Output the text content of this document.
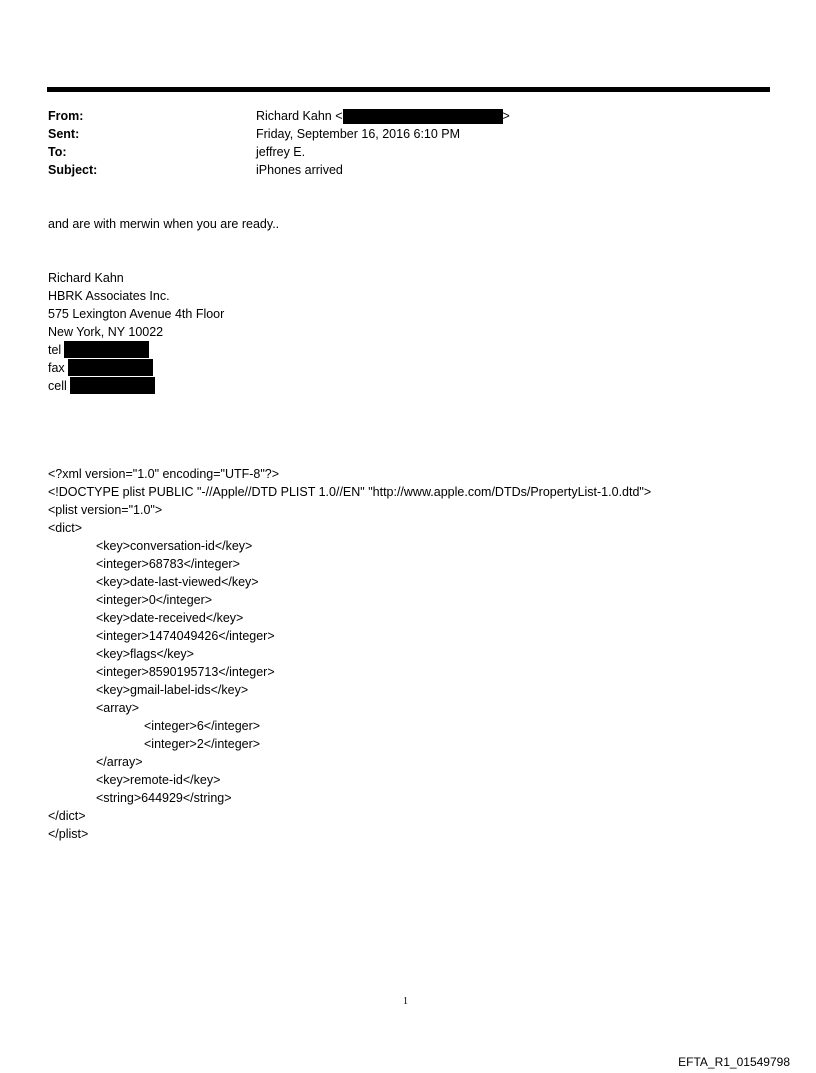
From:	Richard Kahn <	>
Sent:	Friday, September 16, 2016 6:10 PM
To:	jeffrey E.
Subject:	iPhones arrived
and are with merwin when you are ready..
Richard Kahn
HBRK Associates Inc.
575 Lexington Avenue 4th Floor
New York, NY 10022
tel
fax
cell
<?xml version="1.0" encoding="UTF-8"?>
<!DOCTYPE plist PUBLIC "-//Apple//DTD PLIST 1.0//EN" "http://www.apple.com/DTDs/PropertyList-1.0.dtd">
<plist version="1.0">
<dict>
<key>conversation-id</key>
<integer>68783</integer>
<key>date-last-viewed</key>
<integer>0</integer>
<key>date-received</key>
<integer>1474049426</integer>
<key>flags</key>
<integer>8590195713</integer>
<key>gmail-label-ids</key>
<array>
<integer>6</integer>
<integer>2</integer>
</array>
<key>remote-id</key>
<string>644929</string>
</dict>
</plist>
1
EFTA_R1_01549798
